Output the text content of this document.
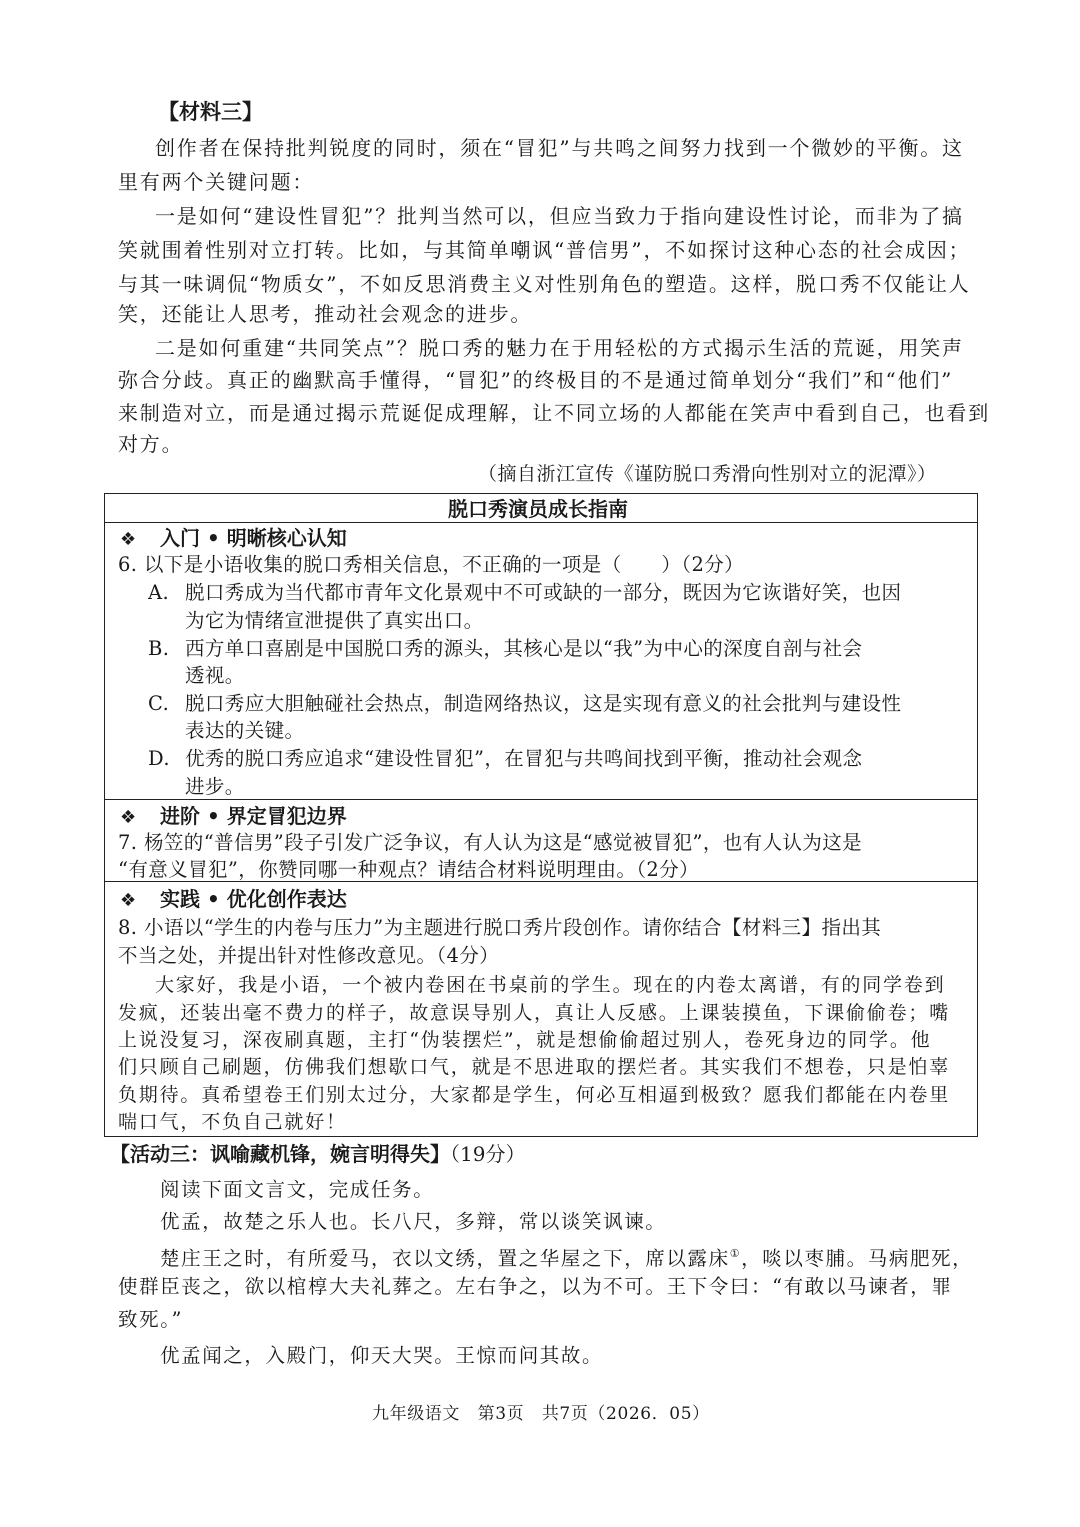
【材料三】
创作者在保持批判锐度的同时，须在“冒犯”与共鸣之间努力找到一个微妙的平衡。这
里有两个关键问题：
一是如何“建设性冒犯”？批判当然可以，但应当致力于指向建设性讨论，而非为了搞
笑就围着性别对立打转。比如，与其简单嘲讽“普信男”，不如探讨这种心态的社会成因；
与其一味调侃“物质女”，不如反思消费主义对性别角色的塑造。这样，脱口秀不仅能让人
笑，还能让人思考，推动社会观念的进步。
二是如何重建“共同笑点”？脱口秀的魅力在于用轻松的方式揭示生活的荒诞，用笑声
弥合分歧。真正的幽默高手懂得，“冒犯”的终极目的不是通过简单划分“我们”和“他们”
来制造对立，而是通过揭示荒诞促成理解，让不同立场的人都能在笑声中看到自己，也看到
对方。
（摘自浙江宣传《谨防脱口秀滑向性别对立的泥潭》）
脱口秀演员成长指南
❖ 入门 • 明晰核心认知
6. 以下是小语收集的脱口秀相关信息，不正确的一项是（　　）（2分）
A. 脱口秀成为当代都市青年文化景观中不可或缺的一部分，既因为它诙谐好笑，也因
为它为情绪宣泄提供了真实出口。
B. 西方单口喜剧是中国脱口秀的源头，其核心是以“我”为中心的深度自剖与社会
透视。
C. 脱口秀应大胆触碰社会热点，制造网络热议，这是实现有意义的社会批判与建设性
表达的关键。
D. 优秀的脱口秀应追求“建设性冒犯”，在冒犯与共鸣间找到平衡，推动社会观念
进步。
❖ 进阶 • 界定冒犯边界
7. 杨笠的“普信男”段子引发广泛争议，有人认为这是“感觉被冒犯”，也有人认为这是
“有意义冒犯”，你赞同哪一种观点？请结合材料说明理由。（2分）
❖ 实践 • 优化创作表达
8. 小语以“学生的内卷与压力”为主题进行脱口秀片段创作。请你结合【材料三】指出其
不当之处，并提出针对性修改意见。（4分）
大家好，我是小语，一个被内卷困在书桌前的学生。现在的内卷太离谱，有的同学卷到
发疯，还装出毫不费力的样子，故意误导别人，真让人反感。上课装摸鱼，下课偷偷卷；嘴
上说没复习，深夜刷真题，主打“伪装摆烂”，就是想偷偷超过别人，卷死身边的同学。他
们只顾自己刷题，仿佛我们想歇口气，就是不思进取的摆烂者。其实我们不想卷，只是怕辜
负期待。真希望卷王们别太过分，大家都是学生，何必互相逼到极致？愿我们都能在内卷里
喘口气，不负自己就好！
【活动三：讽喻藏机锋，婉言明得失】（19分）
阅读下面文言文，完成任务。
优孟，故楚之乐人也。长八尺，多辩，常以谈笑讽谏。
楚庄王之时，有所爱马，衣以文绣，置之华屋之下，席以露床①，啖以枣脯。马病肥死，
使群臣丧之，欲以棺椁大夫礼葬之。左右争之，以为不可。王下令曰：“有敢以马谏者，罪
致死。”
优孟闻之，入殿门，仰天大哭。王惊而问其故。
九年级语文　第3页　共7页（2026．05）
